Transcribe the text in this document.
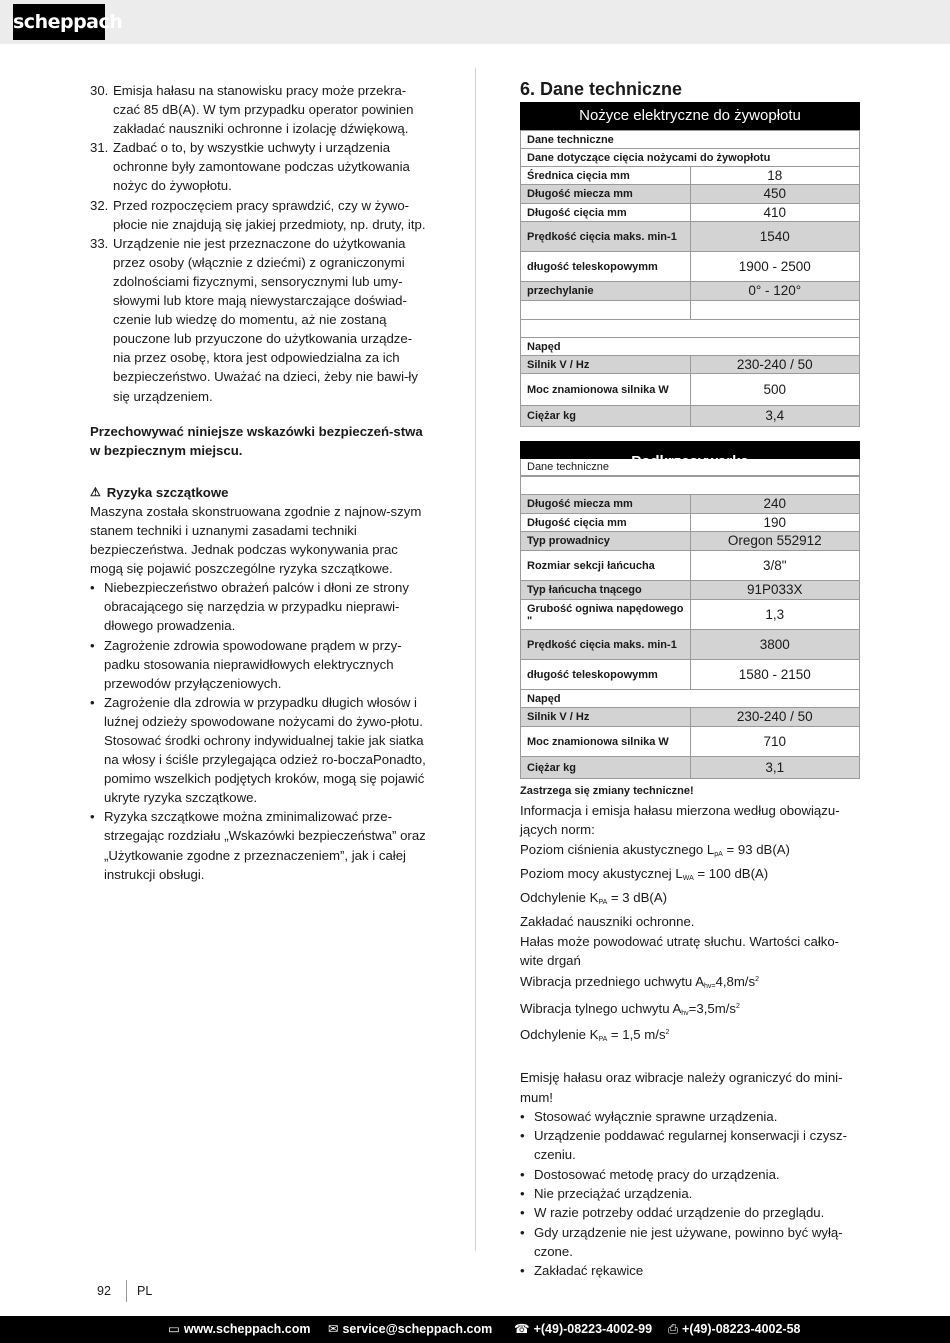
scheppach
30. Emisja hałasu na stanowisku pracy może przekra-czać 85 dB(A). W tym przypadku operator powinien zakładać nauszniki ochronne i izolację dźwiękową.
31. Zadbać o to, by wszystkie uchwyty i urządzenia ochronne były zamontowane podczas użytkowania nożyc do żywopłotu.
32. Przed rozpoczęciem pracy sprawdzić, czy w żywo-płocie nie znajdują się jakiej przedmioty, np. druty, itp.
33. Urządzenie nie jest przeznaczone do użytkowania przez osoby (włącznie z dziećmi) z ograniczonymi zdolnościami fizycznymi, sensorycznymi lub umy-słowymi lub ktore mają niewystarczające doświad-czenie lub wiedzę do momentu, aż nie zostaną pouczone lub przyuczone do użytkowania urządze-nia przez osobę, ktora jest odpowiedzialna za ich bezpieczeństwo. Uważać na dzieci, żeby nie bawi-ły się urządzeniem.
Przechowywać niniejsze wskazówki bezpieczeń-stwa w bezpiecznym miejscu.
⚠ Ryzyka szczątkowe
Maszyna została skonstruowana zgodnie z najnow-szym stanem techniki i uznanymi zasadami techniki bezpieczeństwa. Jednak podczas wykonywania prac mogą się pojawić poszczególne ryzyka szczątkowe.
• Niebezpieczeństwo obrażeń palców i dłoni ze strony obracającego się narzędzia w przypadku nieprawi-dłowego prowadzenia.
• Zagrożenie zdrowia spowodowane prądem w przy-padku stosowania nieprawidłowych elektrycznych przewodów przyłączeniowych.
• Zagrożenie dla zdrowia w przypadku długich włosów i luźnej odzieży spowodowane nożycami do żywo-płotu. Stosować środki ochrony indywidualnej takie jak siatka na włosy i ściśle przylegająca odzież ro-boczaPonadto, pomimo wszelkich podjętych kroków, mogą się pojawić ukryte ryzyka szczątkowe.
• Ryzyka szczątkowe można zminimalizować prze-strzegając rozdziału „Wskazówki bezpieczeństwa” oraz „Użytkowanie zgodne z przeznaczeniem”, jak i całej instrukcji obsługi.
6. Dane techniczne
Nożyce elektryczne do żywopłotu
Dane techniczne	
Dane dotyczące cięcia nożycami do żywopłotu	
Średnica cięcia mm	18
Długość miecza mm	450
Długość cięcia mm	410
Prędkość cięcia maks. min-1	1540
długość teleskopowymm	1900 - 2500
przechylanie	0° - 120°

Napęd	
Silnik V / Hz	230-240 / 50
Moc znamionowa silnika W	500
Ciężar kg	3,4
Dane techniczne

Długość miecza mm	240
Długość cięcia mm	190
Typ prowadnicy	Oregon 552912
Rozmiar sekcji łańcucha	3/8"
Typ łańcucha tnącego	91P033X
Grubość ogniwa napędowego "	1,3
Prędkość cięcia maks. min-1	3800
długość teleskopowymm	1580 - 2150
Napęd	
Silnik V / Hz	230-240 / 50
Moc znamionowa silnika W	710
Ciężar kg	3,1
Zastrzega się zmiany techniczne!

Informacja i emisja hałasu mierzona według obowiązu-jących norm:

Poziom ciśnienia akustycznego $L_{pA} = 93$ dB(A)

Poziom mocy akustycznej $L_{WA} = 100$ dB(A)

Odchylenie $K_{PA} = 3$ dB(A)

Zakładać nauszniki ochronne.

Hałas może powodować utratę słuchu. Wartości całko-wite drgań

Wibracja przedniego uchwytu $A_{hv=}4,8m/s^2$

Wibracja tylnego uchwytu $A_{hv}=3,5m/s^2$

Odchylenie $K_{PA} = 1,5$ $m/s^2$

Emisję hałasu oraz wibracje należy ograniczyć do mini-mum!

• Stosować wyłącznie sprawne urządzenia.
• Urządzenie poddawać regularnej konserwacji i czysz-czeniu.
• Dostosować metodę pracy do urządzenia.
• Nie przeciążać urządzenia.
• W razie potrzeby oddać urządzenie do przeglądu.
• Gdy urządzenie nie jest używane, powinno być wyłą-czone.
• Zakładać rękawice
92 PL
▭ www.scheppach.com ✉ service@scheppach.com ☎ +(49)-08223-4002-99 ⎙ +(49)-08223-4002-58
